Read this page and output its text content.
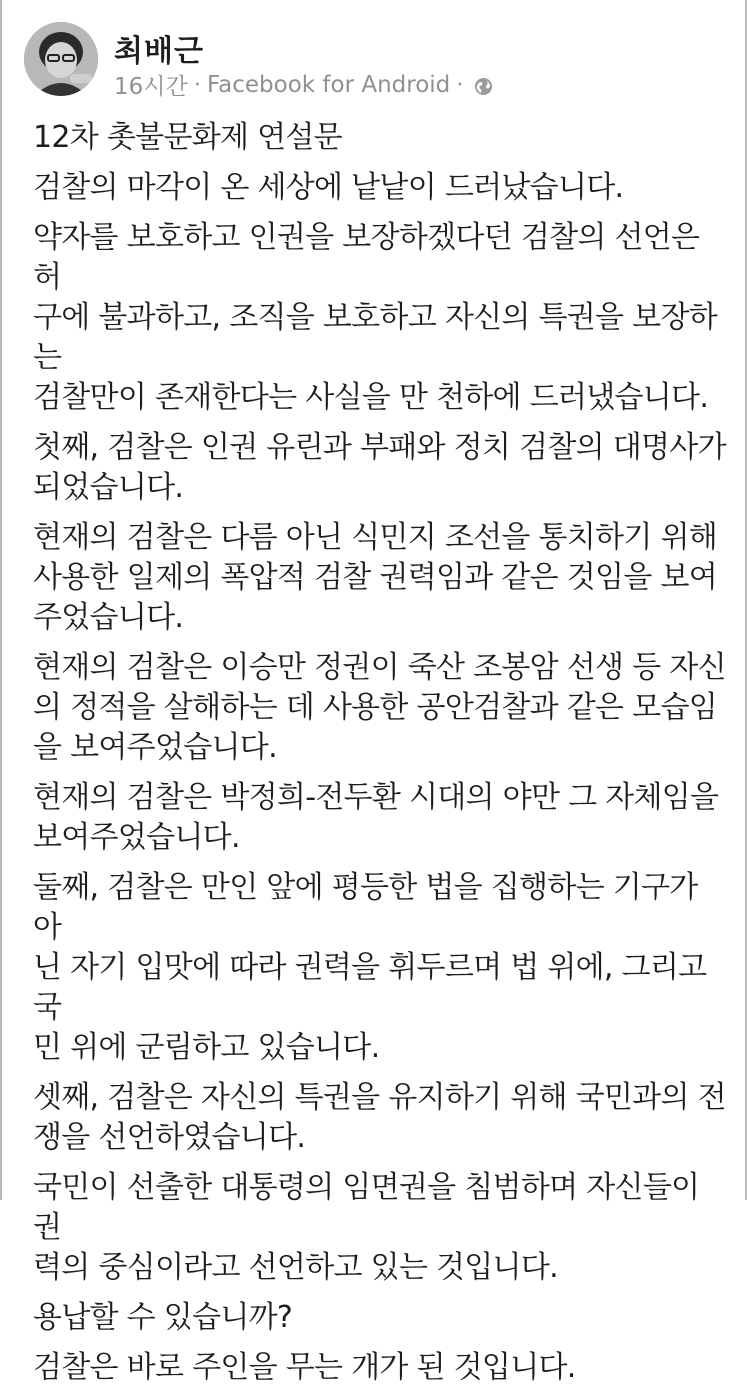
최배근
16시간 · Facebook for Android ·

12차 촛불문화제 연설문

검찰의 마각이 온 세상에 낱낱이 드러났습니다.

약자를 보호하고 인권을 보장하겠다던 검찰의 선언은 허
구에 불과하고, 조직을 보호하고 자신의 특권을 보장하는
검찰만이 존재한다는 사실을 만 천하에 드러냈습니다.

첫째, 검찰은 인권 유린과 부패와 정치 검찰의 대명사가
되었습니다.

현재의 검찰은 다름 아닌 식민지 조선을 통치하기 위해
사용한 일제의 폭압적 검찰 권력임과 같은 것임을 보여
주었습니다.

현재의 검찰은 이승만 정권이 죽산 조봉암 선생 등 자신
의 정적을 살해하는 데 사용한 공안검찰과 같은 모습임
을 보여주었습니다.

현재의 검찰은 박정희-전두환 시대의 야만 그 자체임을
보여주었습니다.

둘째, 검찰은 만인 앞에 평등한 법을 집행하는 기구가 아
닌 자기 입맛에 따라 권력을 휘두르며 법 위에, 그리고 국
민 위에 군림하고 있습니다.

셋째, 검찰은 자신의 특권을 유지하기 위해 국민과의 전
쟁을 선언하였습니다.

국민이 선출한 대통령의 임면권을 침범하며 자신들이 권
력의 중심이라고 선언하고 있는 것입니다.

용납할 수 있습니까?

검찰은 바로 주인을 무는 개가 된 것입니다.
